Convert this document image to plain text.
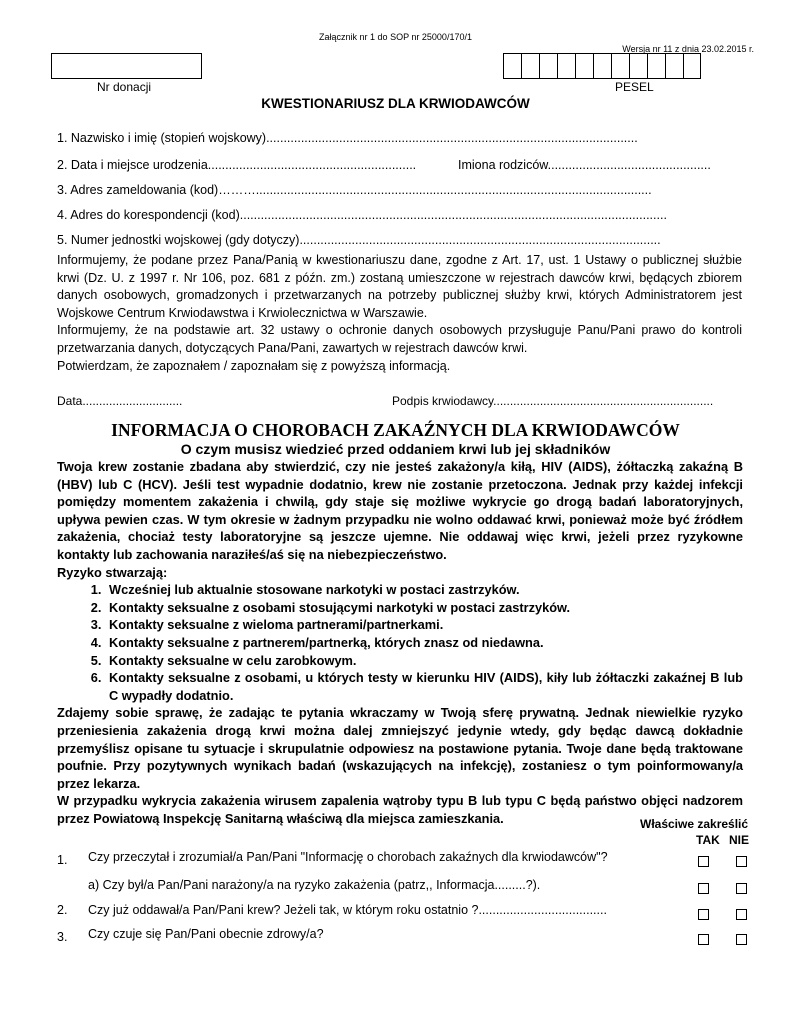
Załącznik nr 1 do SOP nr 25000/170/1
Wersja nr 11 z dnia 23.02.2015 r.
Nr donacji	PESEL
KWESTIONARIUSZ DLA KRWIODAWCÓW
1. Nazwisko i imię (stopień wojskowy)...........................................................................................................
2. Data i miejsce urodzenia............................................................	Imiona rodziców...............................................
3. Adres zameldowania (kod)………..................................................................................................................
4. Adres do korespondencji (kod)...........................................................................................................................
5. Numer jednostki wojskowej (gdy dotyczy)........................................................................................................

Informujemy, że podane przez Pana/Panią w kwestionariuszu dane, zgodne z Art. 17, ust. 1 Ustawy o publicznej służbie krwi (Dz. U. z 1997 r. Nr 106, poz. 681 z późn. zm.) zostaną umieszczone w rejestrach dawców krwi, będących zbiorem danych osobowych, gromadzonych i przetwarzanych na potrzeby publicznej służby krwi, których Administratorem jest Wojskowe Centrum Krwiodawstwa i Krwiolecznictwa w Warszawie.

Informujemy, że na podstawie art. 32 ustawy o ochronie danych osobowych przysługuje Panu/Pani prawo do kontroli przetwarzania danych, dotyczących Pana/Pani, zawartych w rejestrach dawców krwi.

Potwierdzam, że zapoznałem / zapoznałam się z powyższą informacją.

Data..............................	Podpis krwiodawcy..................................................................
INFORMACJA O CHOROBACH ZAKAŹNYCH DLA KRWIODAWCÓW
O czym musisz wiedzieć przed oddaniem krwi lub jej składników

Twoja krew zostanie zbadana aby stwierdzić, czy nie jesteś zakażony/a kiłą, HIV (AIDS), żółtaczką zakaźną B (HBV) lub C (HCV). Jeśli test wypadnie dodatnio, krew nie zostanie przetoczona. Jednak przy każdej infekcji pomiędzy momentem zakażenia i chwilą, gdy staje się możliwe wykrycie go drogą badań laboratoryjnych, upływa pewien czas. W tym okresie w żadnym przypadku nie wolno oddawać krwi, ponieważ może być źródłem zakażenia, chociaż testy laboratoryjne są jeszcze ujemne. Nie oddawaj więc krwi, jeżeli przez ryzykowne kontakty lub zachowania naraziłeś/aś się na niebezpieczeństwo.

Ryzyko stwarzają:

1. Wcześniej lub aktualnie stosowane narkotyki w postaci zastrzyków.
2. Kontakty seksualne z osobami stosującymi narkotyki w postaci zastrzyków.
3. Kontakty seksualne z wieloma partnerami/partnerkami.
4. Kontakty seksualne z partnerem/partnerką, których znasz od niedawna.
5. Kontakty seksualne w celu zarobkowym.
6. Kontakty seksualne z osobami, u których testy w kierunku HIV (AIDS), kiły lub żółtaczki zakaźnej B lub C wypadły dodatnio.

Zdajemy sobie sprawę, że zadając te pytania wkraczamy w Twoją sferę prywatną. Jednak niewielkie ryzyko przeniesienia zakażenia drogą krwi można dalej zmniejszyć jedynie wtedy, gdy będąc dawcą dokładnie przemyślisz opisane tu sytuacje i skrupulatnie odpowiesz na postawione pytania. Twoje dane będą traktowane poufnie. Przy pozytywnych wynikach badań (wskazujących na infekcję), zostaniesz o tym poinformowany/a przez lekarza.

W przypadku wykrycia zakażenia wirusem zapalenia wątroby typu B lub typu C będą państwo objęci nadzorem przez Powiatową Inspekcję Sanitarną właściwą dla miejsca zamieszkania.	Właściwe zakreślić
TAK NIE
1. Czy przeczytał i zrozumiał/a Pan/Pani "Informację o chorobach zakaźnych dla krwiodawców"?
a) Czy był/a Pan/Pani narażony/a na ryzyko zakażenia (patrz,, Informacja.........?).
2. Czy już oddawał/a Pan/Pani krew? Jeżeli tak, w którym roku ostatnio ?.....................................
3. Czy czuje się Pan/Pani obecnie zdrowy/a?
